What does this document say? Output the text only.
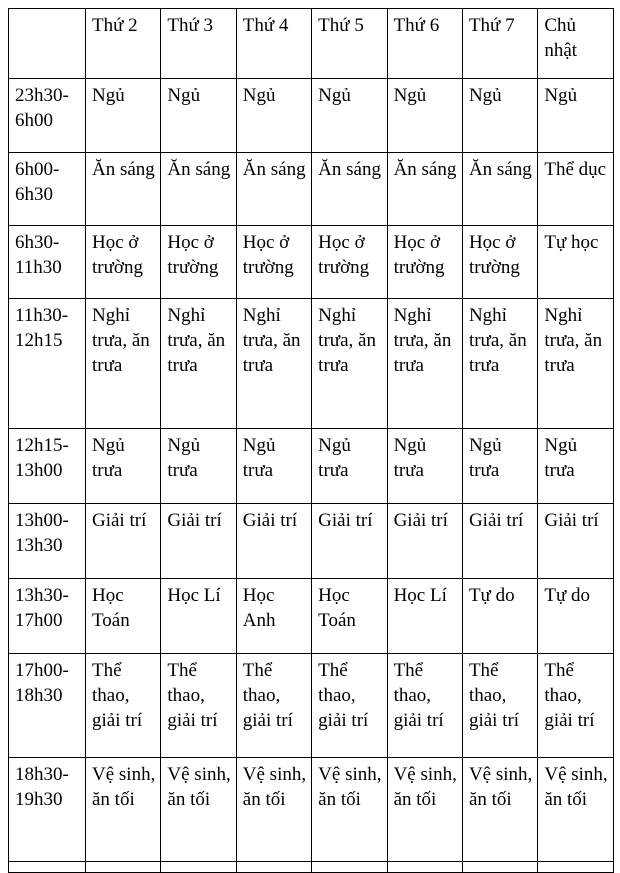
	Thứ 2	Thứ 3	Thứ 4	Thứ 5	Thứ 6	Thứ 7	Chủ nhật
23h30-6h00	Ngủ	Ngủ	Ngủ	Ngủ	Ngủ	Ngủ	Ngủ
6h00-6h30	Ăn sáng	Ăn sáng	Ăn sáng	Ăn sáng	Ăn sáng	Ăn sáng	Thể dục
6h30-11h30	Học ở trường	Học ở trường	Học ở trường	Học ở trường	Học ở trường	Học ở trường	Tự học
11h30-12h15	Nghỉ trưa, ăn trưa	Nghỉ trưa, ăn trưa	Nghỉ trưa, ăn trưa	Nghỉ trưa, ăn trưa	Nghỉ trưa, ăn trưa	Nghỉ trưa, ăn trưa	Nghỉ trưa, ăn trưa
12h15-13h00	Ngủ trưa	Ngủ trưa	Ngủ trưa	Ngủ trưa	Ngủ trưa	Ngủ trưa	Ngủ trưa
13h00-13h30	Giải trí	Giải trí	Giải trí	Giải trí	Giải trí	Giải trí	Giải trí
13h30-17h00	Học Toán	Học Lí	Học Anh	Học Toán	Học Lí	Tự do	Tự do
17h00-18h30	Thể thao, giải trí	Thể thao, giải trí	Thể thao, giải trí	Thể thao, giải trí	Thể thao, giải trí	Thể thao, giải trí	Thể thao, giải trí
18h30-19h30	Vệ sinh, ăn tối	Vệ sinh, ăn tối	Vệ sinh, ăn tối	Vệ sinh, ăn tối	Vệ sinh, ăn tối	Vệ sinh, ăn tối	Vệ sinh, ăn tối
